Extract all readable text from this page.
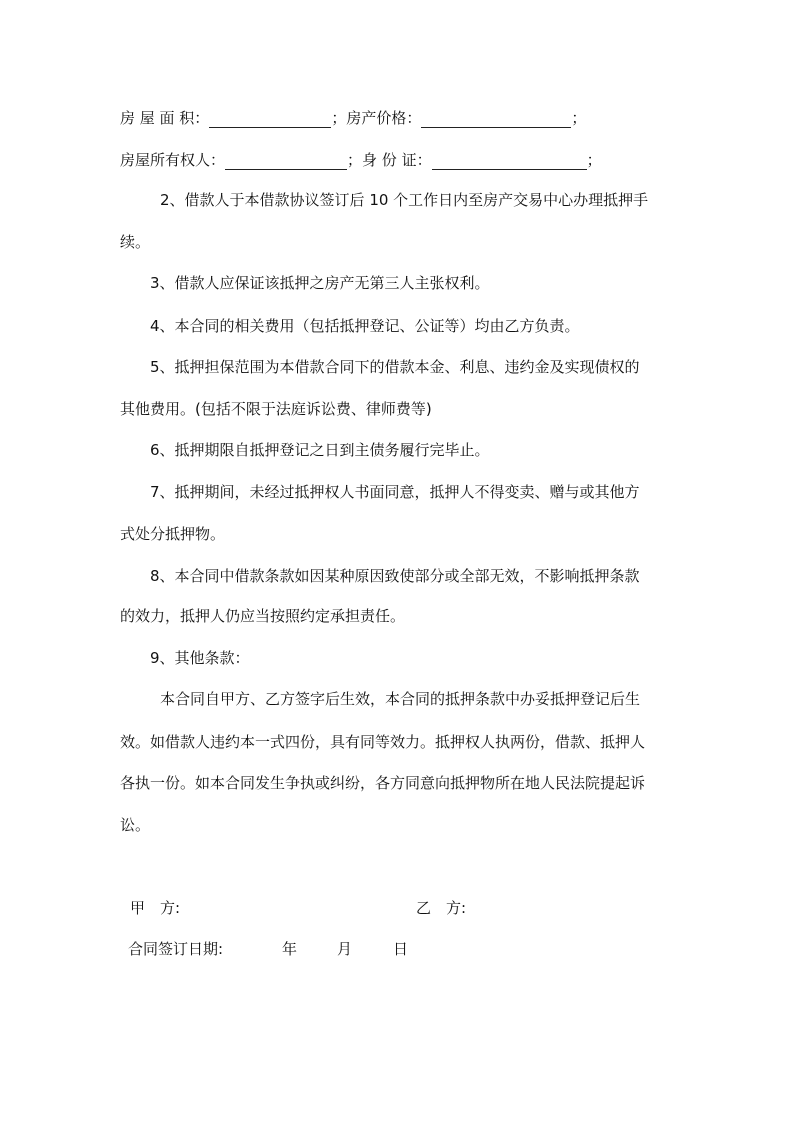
房 屋 面 积：	；房产价格：	；
房屋所有权人：	；身 份 证：	；
2、借款人于本借款协议签订后 10 个工作日内至房产交易中心办理抵押手
续。
3、借款人应保证该抵押之房产无第三人主张权利。
4、本合同的相关费用（包括抵押登记、公证等）均由乙方负责。
5、抵押担保范围为本借款合同下的借款本金、利息、违约金及实现债权的
其他费用。(包括不限于法庭诉讼费、律师费等)
6、抵押期限自抵押登记之日到主债务履行完毕止。
7、抵押期间，未经过抵押权人书面同意，抵押人不得变卖、赠与或其他方
式处分抵押物。
8、本合同中借款条款如因某种原因致使部分或全部无效，不影响抵押条款
的效力，抵押人仍应当按照约定承担责任。
9、其他条款：
本合同自甲方、乙方签字后生效，本合同的抵押条款中办妥抵押登记后生
效。如借款人违约本一式四份，具有同等效力。抵押权人执两份，借款、抵押人
各执一份。如本合同发生争执或纠纷，各方同意向抵押物所在地人民法院提起诉
讼。
甲　方:	乙　方:
合同签订日期:	年	月	日
